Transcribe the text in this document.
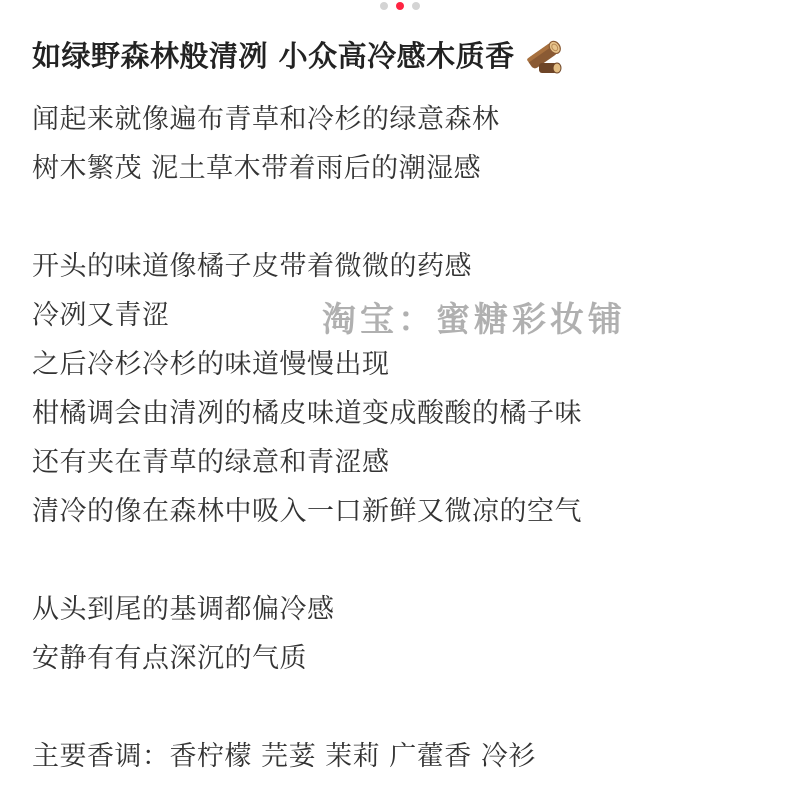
如绿野森林般清冽 小众高冷感木质香
闻起来就像遍布青草和冷杉的绿意森林
树木繁茂 泥土草木带着雨后的潮湿感
开头的味道像橘子皮带着微微的药感
冷冽又青涩
之后冷杉冷杉的味道慢慢出现
柑橘调会由清冽的橘皮味道变成酸酸的橘子味
还有夹在青草的绿意和青涩感
清冷的像在森林中吸入一口新鲜又微凉的空气
从头到尾的基调都偏冷感
安静有有点深沉的气质
主要香调：香柠檬 芫荽 茉莉 广藿香 冷衫
淘宝：蜜糖彩妆铺
